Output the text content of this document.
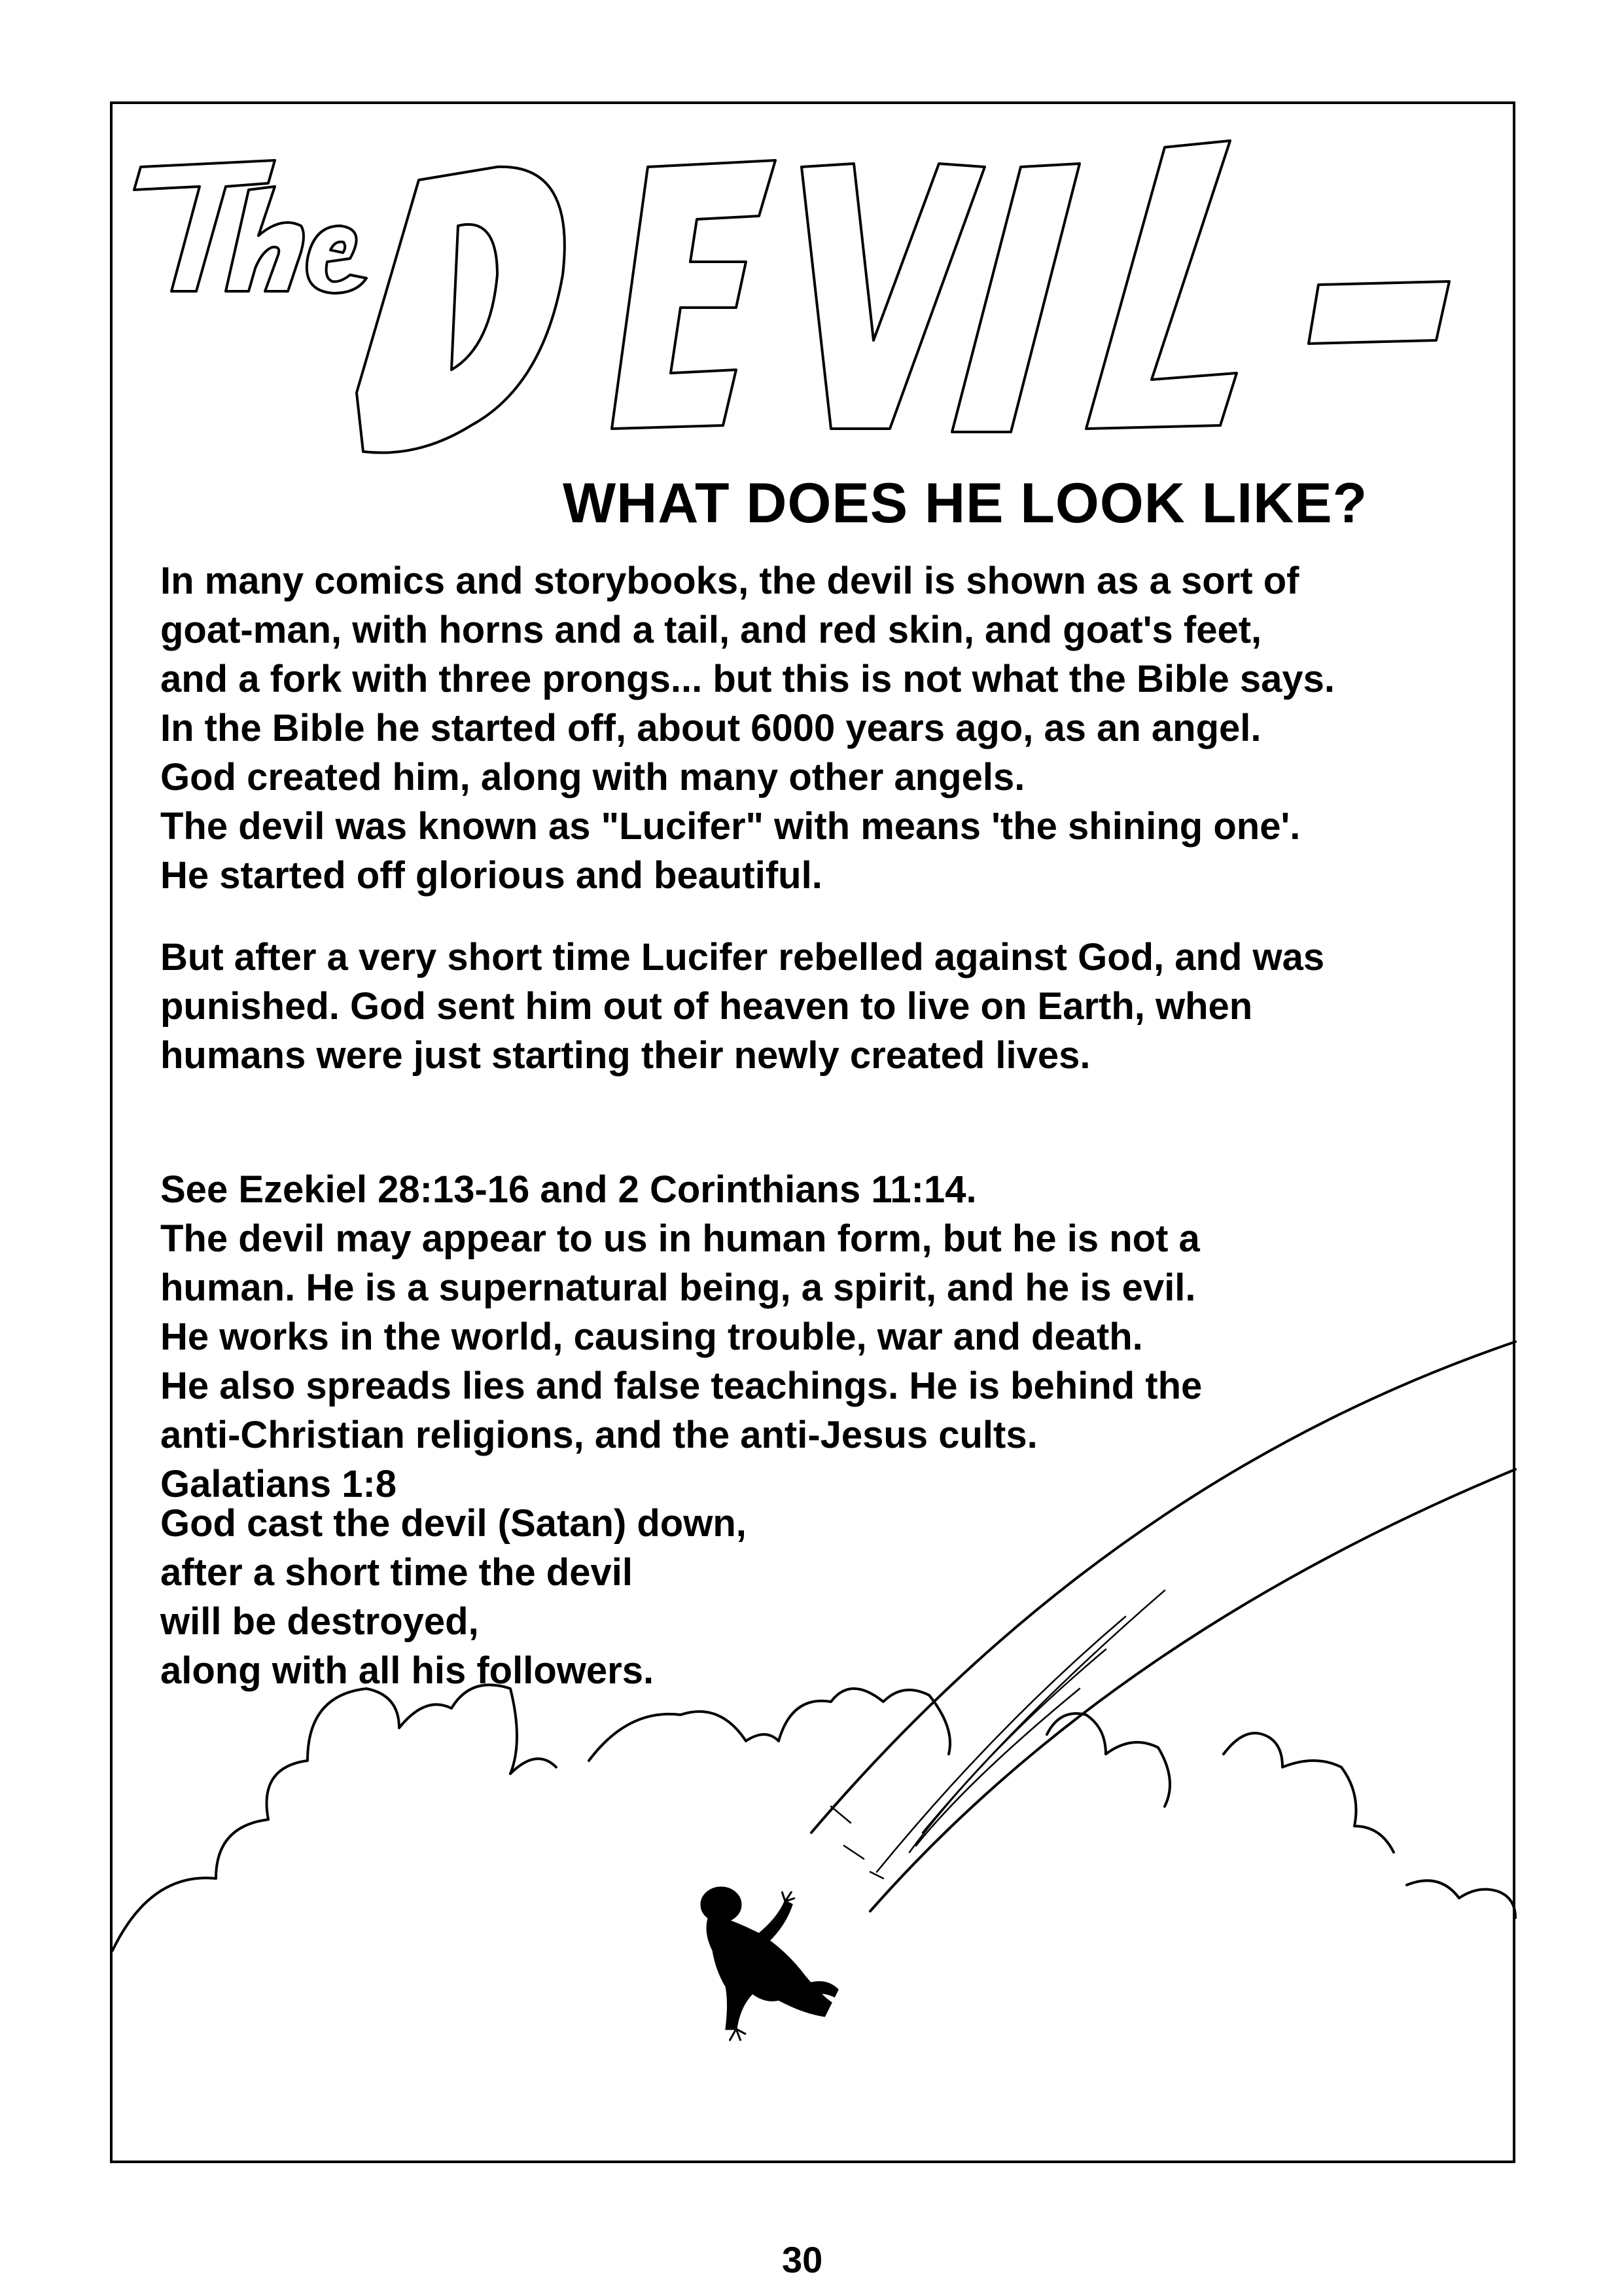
WHAT DOES HE LOOK LIKE?
In many comics and storybooks, the devil is shown as a sort of
goat-man, with horns and a tail, and red skin, and goat's feet,
and a fork with three prongs... but this is not what the Bible says.
In the Bible he started off, about 6000 years ago, as an angel.
God created him, along with many other angels.
The devil was known as "Lucifer" with means 'the shining one'.
He started off glorious and beautiful.
But after a very short time Lucifer rebelled against God, and was
punished. God sent him out of heaven to live on Earth, when
humans were just starting their newly created lives.
See Ezekiel 28:13-16 and 2 Corinthians 11:14.
The devil may appear to us in human form, but he is not a
human. He is a supernatural being, a spirit, and he is evil.
He works in the world, causing trouble, war and death.
He also spreads lies and false teachings. He is behind the
anti-Christian religions, and the anti-Jesus cults.
Galatians 1:8
God cast the devil (Satan) down,
after a short time the devil
will be destroyed,
along with all his followers.
30
